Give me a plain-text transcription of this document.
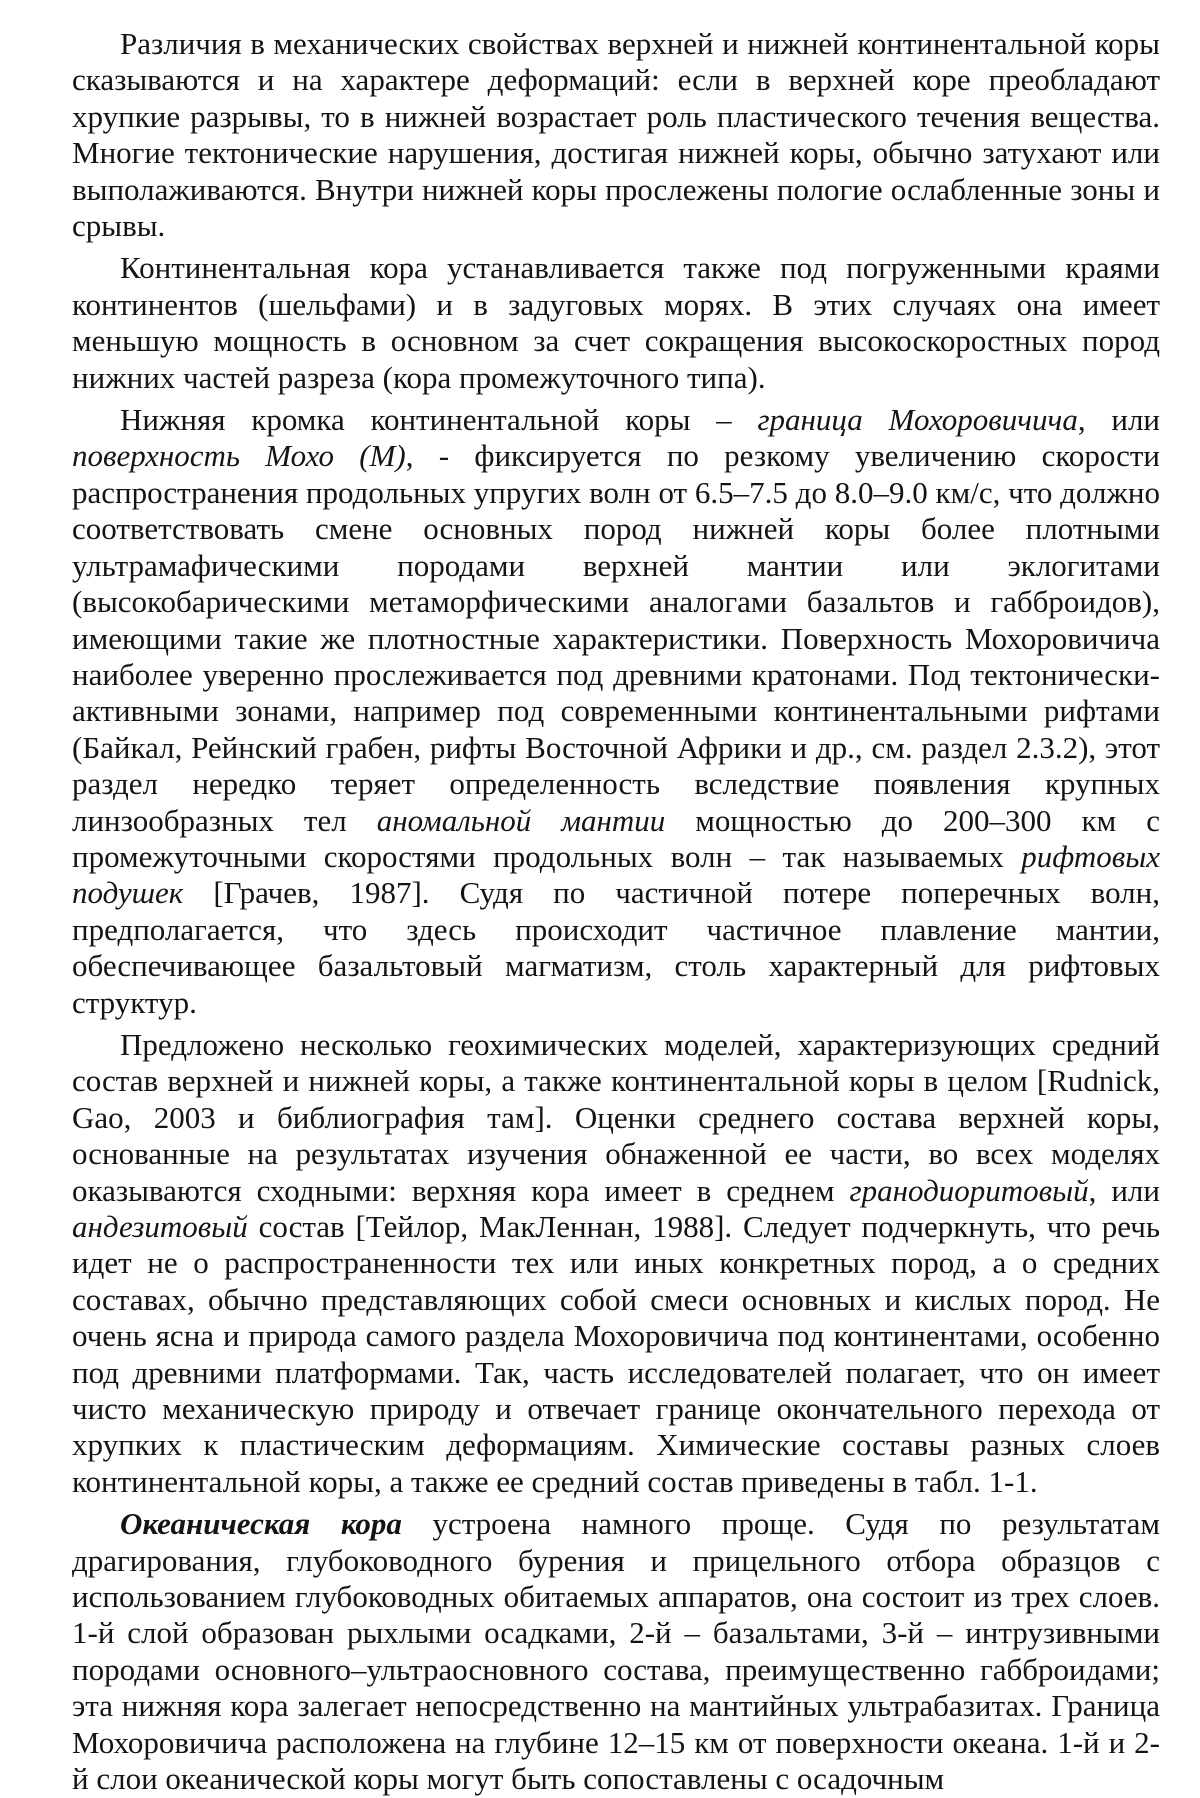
Различия в механических свойствах верхней и нижней континентальной коры сказываются и на характере деформаций: если в верхней коре преобладают хрупкие разрывы, то в нижней возрастает роль пластического течения вещества. Многие тектонические нарушения, достигая нижней коры, обычно затухают или выполаживаются. Внутри нижней коры прослежены пологие ослабленные зоны и срывы.

Континентальная кора устанавливается также под погруженными краями континентов (шельфами) и в задуговых морях. В этих случаях она имеет меньшую мощность в основном за счет сокращения высокоскоростных пород нижних частей разреза (кора промежуточного типа).

Нижняя кромка континентальной коры – граница Мохоровичича, или поверхность Мохо (M), - фиксируется по резкому увеличению скорости распространения продольных упругих волн от 6.5–7.5 до 8.0–9.0 км/с, что должно соответствовать смене основных пород нижней коры более плотными ультрамафическими породами верхней мантии или эклогитами (высокобарическими метаморфическими аналогами базальтов и габброидов), имеющими такие же плотностные характеристики. Поверхность Мохоровичича наиболее уверенно прослеживается под древними кратонами. Под тектонически-активными зонами, например под современными континентальными рифтами (Байкал, Рейнский грабен, рифты Восточной Африки и др., см. раздел 2.3.2), этот раздел нередко теряет определенность вследствие появления крупных линзообразных тел аномальной мантии мощностью до 200–300 км с промежуточными скоростями продольных волн – так называемых рифтовых подушек [Грачев, 1987]. Судя по частичной потере поперечных волн, предполагается, что здесь происходит частичное плавление мантии, обеспечивающее базальтовый магматизм, столь характерный для рифтовых структур.

Предложено несколько геохимических моделей, характеризующих средний состав верхней и нижней коры, а также континентальной коры в целом [Rudnick, Gao, 2003 и библиография там]. Оценки среднего состава верхней коры, основанные на результатах изучения обнаженной ее части, во всех моделях оказываются сходными: верхняя кора имеет в среднем гранодиоритовый, или андезитовый состав [Тейлор, МакЛеннан, 1988]. Следует подчеркнуть, что речь идет не о распространенности тех или иных конкретных пород, а о средних составах, обычно представляющих собой смеси основных и кислых пород. Не очень ясна и природа самого раздела Мохоровичича под континентами, особенно под древними платформами. Так, часть исследователей полагает, что он имеет чисто механическую природу и отвечает границе окончательного перехода от хрупких к пластическим деформациям. Химические составы разных слоев континентальной коры, а также ее средний состав приведены в табл. 1-1.

Океаническая кора устроена намного проще. Судя по результатам драгирования, глубоководного бурения и прицельного отбора образцов с использованием глубоководных обитаемых аппаратов, она состоит из трех слоев. 1-й слой образован рыхлыми осадками, 2-й – базальтами, 3-й – интрузивными породами основного–ультраосновного состава, преимущественно габброидами; эта нижняя кора залегает непосредственно на мантийных ультрабазитах. Граница Мохоровичича расположена на глубине 12–15 км от поверхности океана. 1-й и 2-й слои океанической коры могут быть сопоставлены с осадочным
